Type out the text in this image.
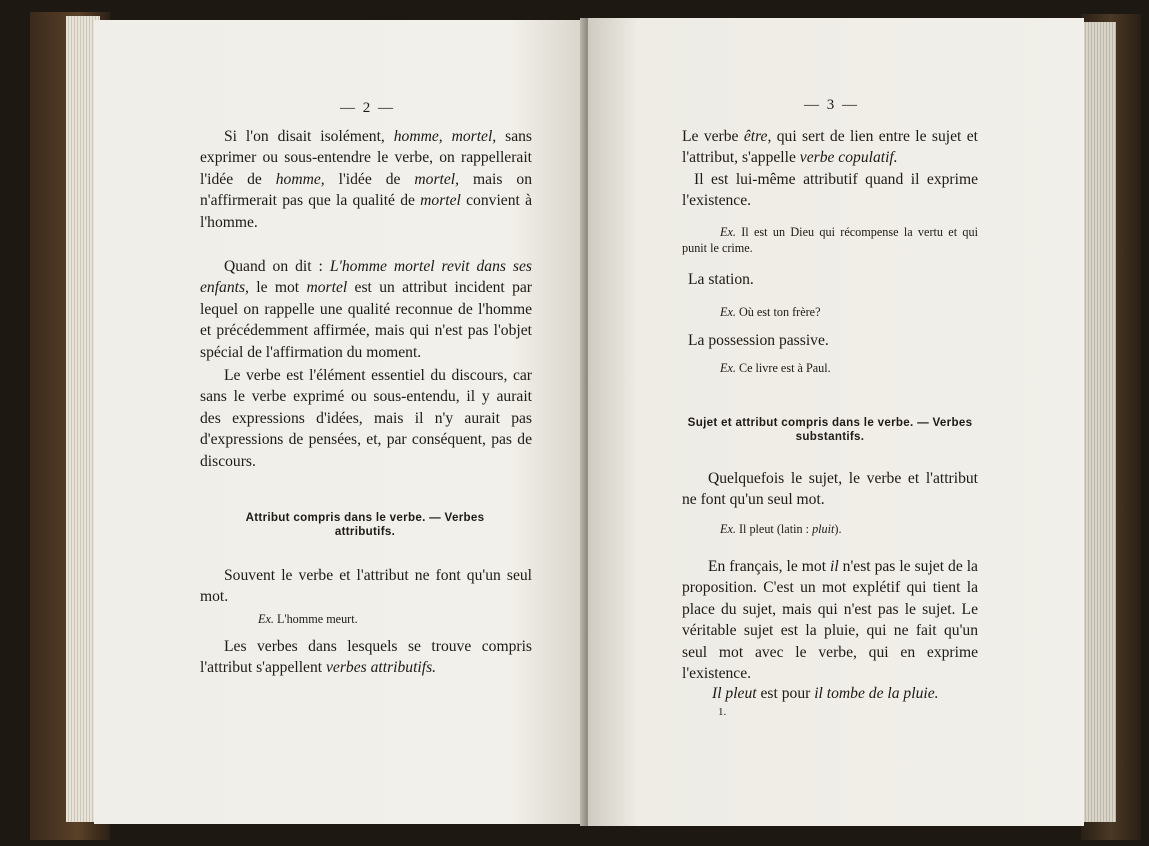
— 2 —
Si l'on disait isolément, homme, mortel, sans exprimer ou sous-entendre le verbe, on rappellerait l'idée de homme, l'idée de mortel, mais on n'affirmerait pas que la qualité de mortel convient à l'homme.
Quand on dit : L'homme mortel revit dans ses enfants, le mot mortel est un attribut incident par lequel on rappelle une qualité reconnue de l'homme et précédemment affirmée, mais qui n'est pas l'objet spécial de l'affirmation du moment.
Le verbe est l'élément essentiel du discours, car sans le verbe exprimé ou sous-entendu, il y aurait des expressions d'idées, mais il n'y aurait pas d'expressions de pensées, et, par conséquent, pas de discours.
Attribut compris dans le verbe. — Verbes
attributifs.
Souvent le verbe et l'attribut ne font qu'un seul mot.
Ex. L'homme meurt.
Les verbes dans lesquels se trouve compris l'attribut s'appellent verbes attributifs.
— 3 —
Le verbe être, qui sert de lien entre le sujet et l'attribut, s'appelle verbe copulatif.
Il est lui-même attributif quand il exprime l'existence.
Ex. Il est un Dieu qui récompense la vertu et qui punit le crime.
La station.
Ex. Où est ton frère?
La possession passive.
Ex. Ce livre est à Paul.
Sujet et attribut compris dans le verbe. — Verbes
substantifs.
Quelquefois le sujet, le verbe et l'attribut ne font qu'un seul mot.
Ex. Il pleut (latin : pluit).
En français, le mot il n'est pas le sujet de la proposition. C'est un mot explétif qui tient la place du sujet, mais qui n'est pas le sujet. Le véritable sujet est la pluie, qui ne fait qu'un seul mot avec le verbe, qui en exprime l'existence.
Il pleut est pour il tombe de la pluie.
1.
